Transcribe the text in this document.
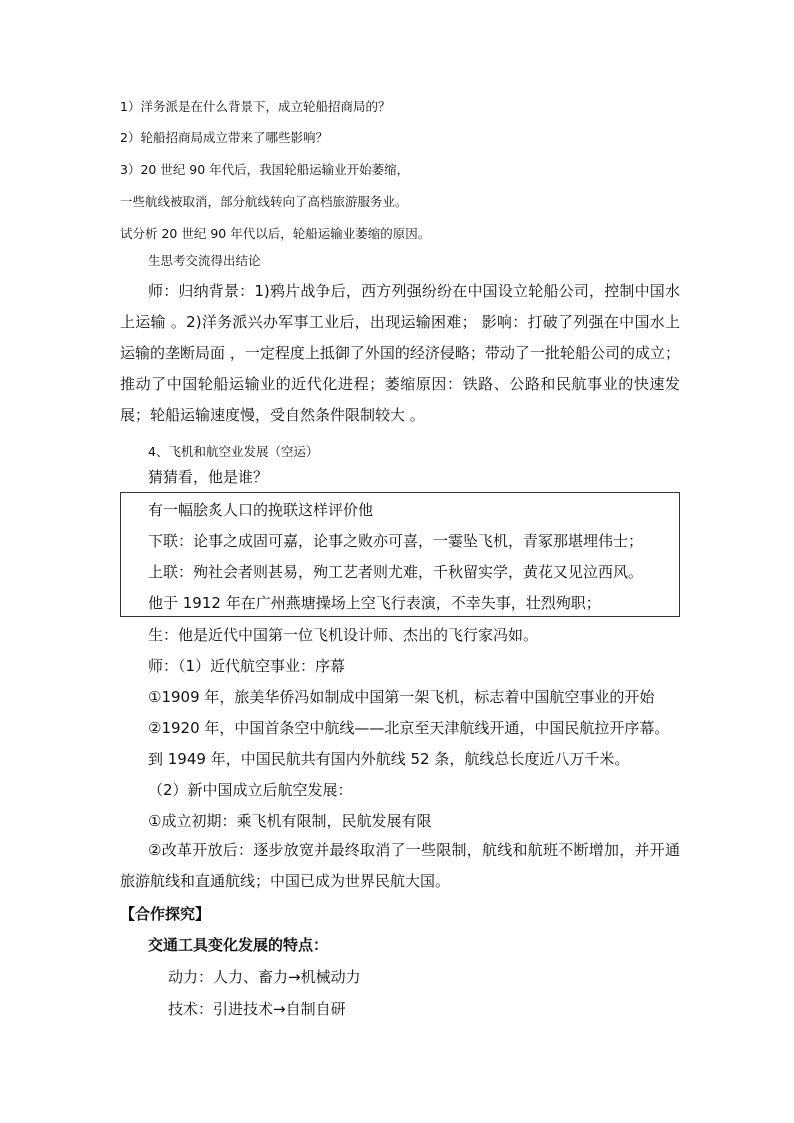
1）洋务派是在什么背景下，成立轮船招商局的？
2）轮船招商局成立带来了哪些影响？
3）20 世纪 90 年代后，我国轮船运输业开始萎缩，
一些航线被取消，部分航线转向了高档旅游服务业。
试分析 20 世纪 90 年代以后，轮船运输业萎缩的原因。
生思考交流得出结论
师：归纳背景：1)鸦片战争后，西方列强纷纷在中国设立轮船公司，控制中国水上运输 。2)洋务派兴办军事工业后，出现运输困难； 影响：打破了列强在中国水上运输的垄断局面 ，一定程度上抵御了外国的经济侵略；带动了一批轮船公司的成立；推动了中国轮船运输业的近代化进程；萎缩原因：铁路、公路和民航事业的快速发展；轮船运输速度慢，受自然条件限制较大 。
4、飞机和航空业发展（空运）
猜猜看，他是谁？
有一幅脍炙人口的挽联这样评价他
下联：论事之成固可嘉，论事之败亦可喜，一霎坠飞机，青冢那堪埋伟士；
上联：殉社会者则甚易，殉工艺者则尤难，千秋留实学，黄花又见泣西风。
他于 1912 年在广州燕塘操场上空飞行表演，不幸失事，壮烈殉职；
生：他是近代中国第一位飞机设计师、杰出的飞行家冯如。
师：（1）近代航空事业：序幕
①1909 年，旅美华侨冯如制成中国第一架飞机，标志着中国航空事业的开始
②1920 年，中国首条空中航线——北京至天津航线开通，中国民航拉开序幕。
到 1949 年，中国民航共有国内外航线 52 条，航线总长度近八万千米。
（2）新中国成立后航空发展：
①成立初期：乘飞机有限制，民航发展有限
②改革开放后：逐步放宽并最终取消了一些限制，航线和航班不断增加，并开通旅游航线和直通航线；中国已成为世界民航大国。
【合作探究】
交通工具变化发展的特点：
动力：人力、畜力→机械动力
技术：引进技术→自制自研
